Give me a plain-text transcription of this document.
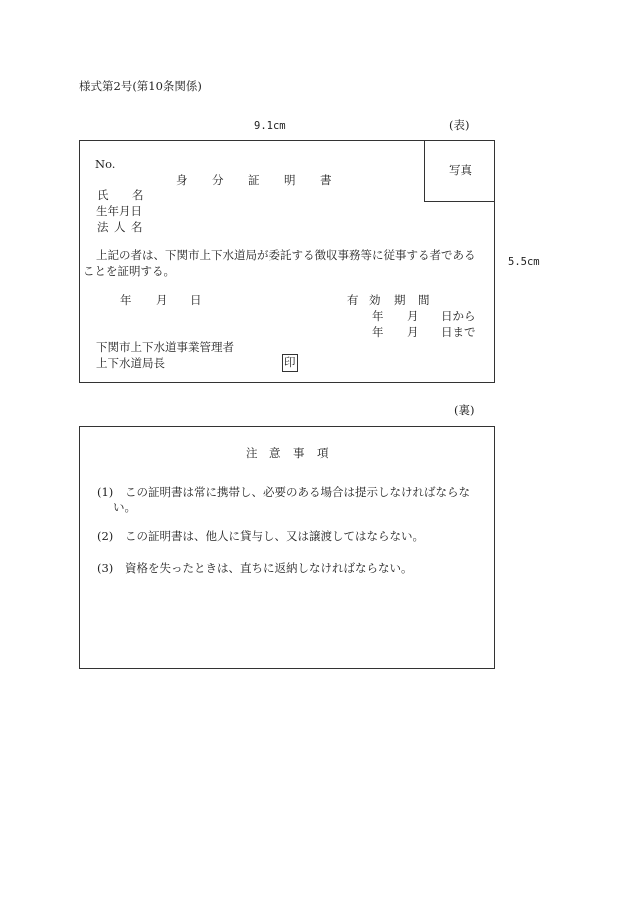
様式第2号(第10条関係)
9.1cm	(表)
5.5cm
写真
No.
身 分 証 明 書
氏 名
生年月日
法 人 名
上記の者は、下関市上下水道局が委託する徴収事務等に従事する者である
ことを証明する。
年 月 日	有 効 期 間
年 月 日から
年 月 日まで
下関市上下水道事業管理者
上下水道局長	印
(裏)
注 意 事 項
(1) この証明書は常に携帯し、必要のある場合は提示しなければならな
い。
(2) この証明書は、他人に貸与し、又は譲渡してはならない。
(3) 資格を失ったときは、直ちに返納しなければならない。
